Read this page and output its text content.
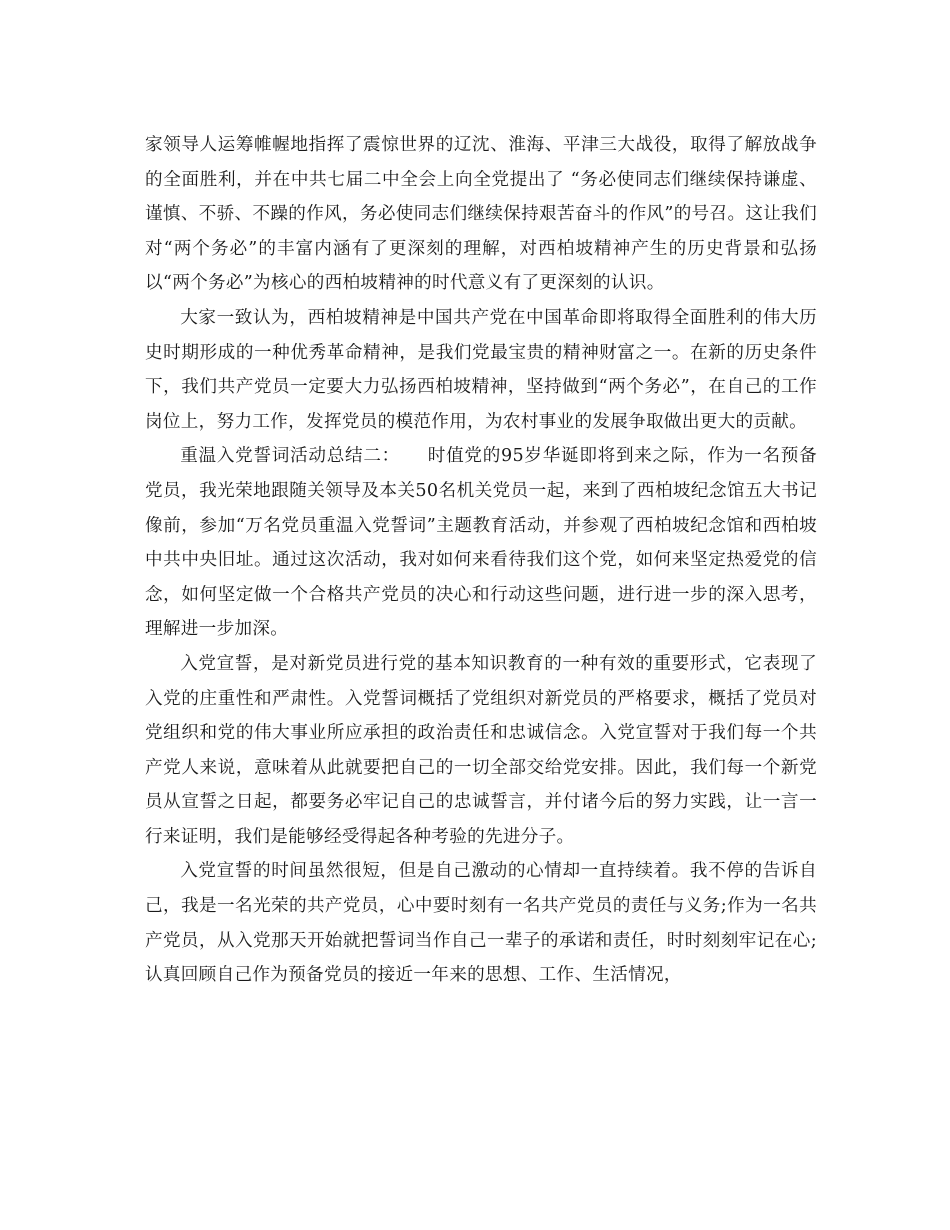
家领导人运筹帷幄地指挥了震惊世界的辽沈、淮海、平津三大战役，取得了解放战争的全面胜利，并在中共七届二中全会上向全党提出了 “务必使同志们继续保持谦虚、谨慎、不骄、不躁的作风，务必使同志们继续保持艰苦奋斗的作风”的号召。这让我们对“两个务必”的丰富内涵有了更深刻的理解，对西柏坡精神产生的历史背景和弘扬以“两个务必”为核心的西柏坡精神的时代意义有了更深刻的认识。

大家一致认为，西柏坡精神是中国共产党在中国革命即将取得全面胜利的伟大历史时期形成的一种优秀革命精神，是我们党最宝贵的精神财富之一。在新的历史条件下，我们共产党员一定要大力弘扬西柏坡精神，坚持做到“两个务必”，在自己的工作岗位上，努力工作，发挥党员的模范作用，为农村事业的发展争取做出更大的贡献。

重温入党誓词活动总结二：　　时值党的95岁华诞即将到来之际，作为一名预备党员，我光荣地跟随关领导及本关50名机关党员一起，来到了西柏坡纪念馆五大书记像前，参加“万名党员重温入党誓词”主题教育活动，并参观了西柏坡纪念馆和西柏坡中共中央旧址。通过这次活动，我对如何来看待我们这个党，如何来坚定热爱党的信念，如何坚定做一个合格共产党员的决心和行动这些问题，进行进一步的深入思考，理解进一步加深。

入党宣誓，是对新党员进行党的基本知识教育的一种有效的重要形式，它表现了入党的庄重性和严肃性。入党誓词概括了党组织对新党员的严格要求，概括了党员对党组织和党的伟大事业所应承担的政治责任和忠诚信念。入党宣誓对于我们每一个共产党人来说，意味着从此就要把自己的一切全部交给党安排。因此，我们每一个新党员从宣誓之日起，都要务必牢记自己的忠诚誓言，并付诸今后的努力实践，让一言一行来证明，我们是能够经受得起各种考验的先进分子。

入党宣誓的时间虽然很短，但是自己激动的心情却一直持续着。我不停的告诉自己，我是一名光荣的共产党员，心中要时刻有一名共产党员的责任与义务;作为一名共产党员，从入党那天开始就把誓词当作自己一辈子的承诺和责任，时时刻刻牢记在心;认真回顾自己作为预备党员的接近一年来的思想、工作、生活情况，
